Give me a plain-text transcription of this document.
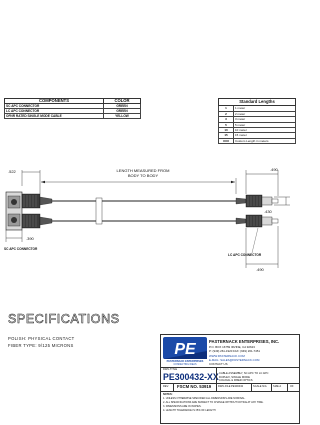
COMPONENTS	COLOR
SC APC CONNECTOR	GREEN
LC APC CONNECTOR	GREEN
OFNR RATED SINGLE MODE CABLE	YELLOW
Standard Lengths	
1	1 meter
2	2 meter
3	3 meter
5	5 meter
10	10 meter
15	15 meter
XXX	Custom Length in meters
LENGTH MEASURED FROM
BODY TO BODY
.522
.390
SC APC CONNECTOR
LC APC CONNECTOR
.490
.430
.490
SPECIFICATIONS
POLISH: PHYSICAL CONTACT
FIBER TYPE: 9/125 MICRONS	PE
PASTERNACK ENTERPRISES
CONNECTING IDEAS
PASTERNACK ENTERPRISES, INC.
P.O. BOX 16759 IRVINE, CA 92623
P: (949) 261-1920 FAX: (949) 261-7451
WWW.PASTERNACK.COM
E-MAIL: SALES@PASTERNACK.COM
CONTACT US
DWG TITLE
PE300432-XX
REV. FSCM NO. 53919
CABLE ASSEMBLY, SC APC TO LC APC
DUPLEX, SINGLE MODE
COAXIAL & FIBER OPTICS
DWG FILE PE300432	SCALE N/A SIZE A	OF
NOTES:
1. UNLESS OTHERWISE SPECIFIED ALL DIMENSIONS ARE NOMINAL.
2. ALL SPECIFICATIONS ARE SUBJECT TO CHANGE WITHOUT NOTICE AT ANY TIME.
3. DIMENSIONS ARE IN INCHES.
4. LENGTH TOLERANCE IS ±5% OF LENGTH
